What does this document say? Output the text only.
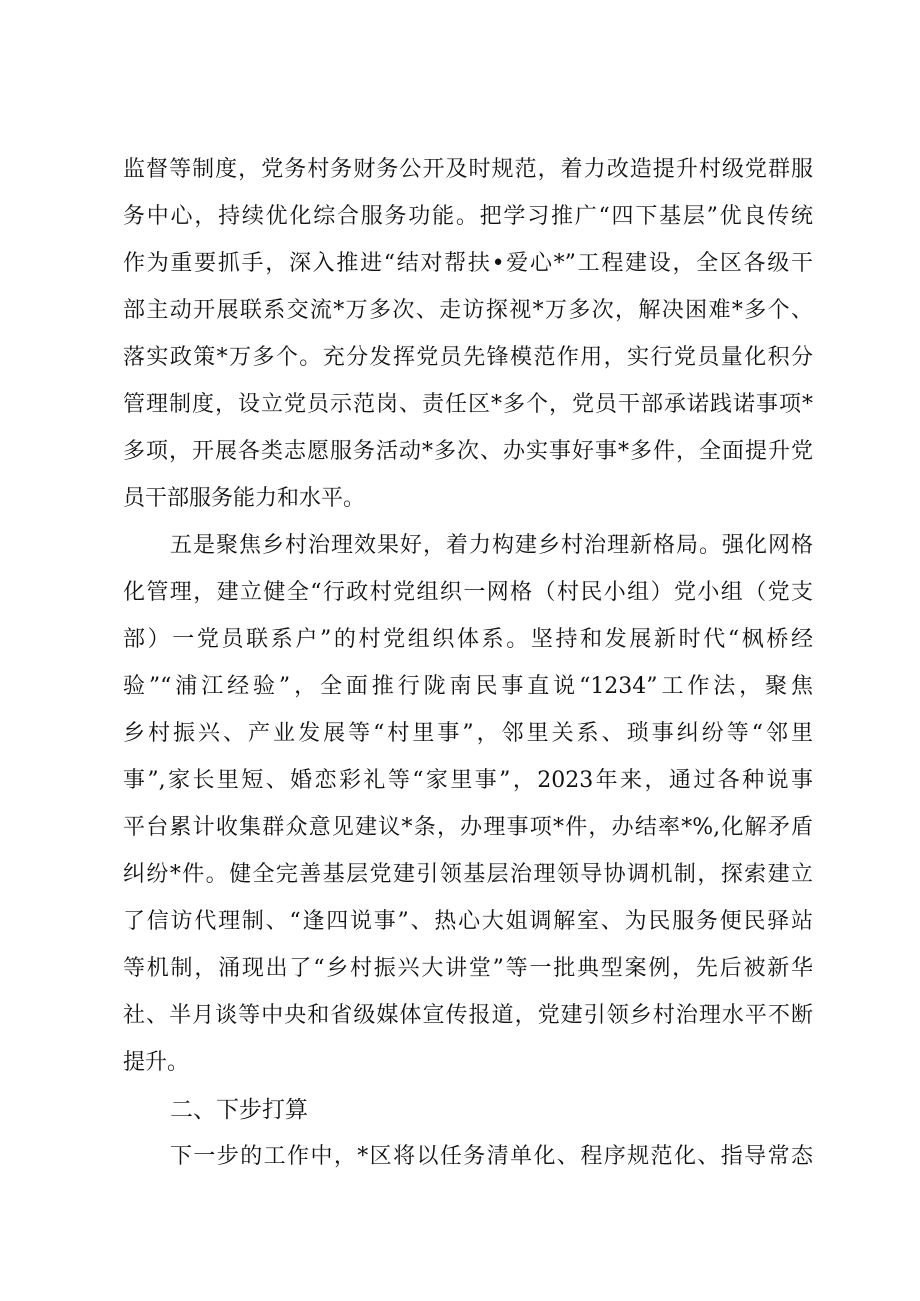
监督等制度，党务村务财务公开及时规范，着力改造提升村级党群服
务中心，持续优化综合服务功能。把学习推广“四下基层”优良传统
作为重要抓手，深入推进“结对帮扶•爱心*”工程建设，全区各级干
部主动开展联系交流*万多次、走访探视*万多次，解决困难*多个、
落实政策*万多个。充分发挥党员先锋模范作用，实行党员量化积分
管理制度，设立党员示范岗、责任区*多个，党员干部承诺践诺事项*
多项，开展各类志愿服务活动*多次、办实事好事*多件，全面提升党
员干部服务能力和水平。
五是聚焦乡村治理效果好，着力构建乡村治理新格局。强化网格
化管理，建立健全“行政村党组织一网格（村民小组）党小组（党支
部）一党员联系户”的村党组织体系。坚持和发展新时代“枫桥经
验”“浦江经验”，全面推行陇南民事直说“1234”工作法，聚焦
乡村振兴、产业发展等“村里事”，邻里关系、琐事纠纷等“邻里
事”,家长里短、婚恋彩礼等“家里事”，2023年来，通过各种说事
平台累计收集群众意见建议*条，办理事项*件，办结率*%,化解矛盾
纠纷*件。健全完善基层党建引领基层治理领导协调机制，探索建立
了信访代理制、“逢四说事”、热心大姐调解室、为民服务便民驿站
等机制，涌现出了“乡村振兴大讲堂”等一批典型案例，先后被新华
社、半月谈等中央和省级媒体宣传报道，党建引领乡村治理水平不断
提升。
二、下步打算
下一步的工作中，*区将以任务清单化、程序规范化、指导常态
